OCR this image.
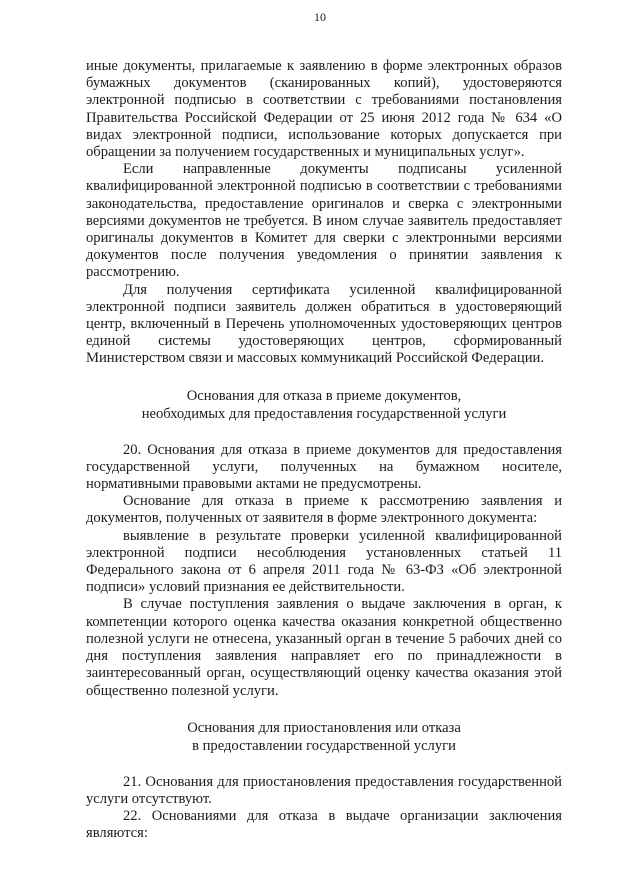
10

иные документы, прилагаемые к заявлению в форме электронных образов бумажных документов (сканированных копий), удостоверяются электронной подписью в соответствии с требованиями постановления Правительства Российской Федерации от 25 июня 2012 года № 634 «О видах электронной подписи, использование которых допускается при обращении за получением государственных и муниципальных услуг».

Если направленные документы подписаны усиленной квалифицированной электронной подписью в соответствии с требованиями законодательства, предоставление оригиналов и сверка с электронными версиями документов не требуется. В ином случае заявитель предоставляет оригиналы документов в Комитет для сверки с электронными версиями документов после получения уведомления о принятии заявления к рассмотрению.

Для получения сертификата усиленной квалифицированной электронной подписи заявитель должен обратиться в удостоверяющий центр, включенный в Перечень уполномоченных удостоверяющих центров единой системы удостоверяющих центров, сформированный Министерством связи и массовых коммуникаций Российской Федерации.

Основания для отказа в приеме документов,
необходимых для предоставления государственной услуги

20. Основания для отказа в приеме документов для предоставления государственной услуги, полученных на бумажном носителе, нормативными правовыми актами не предусмотрены.

Основание для отказа в приеме к рассмотрению заявления и документов, полученных от заявителя в форме электронного документа:

выявление в результате проверки усиленной квалифицированной электронной подписи несоблюдения установленных статьей 11 Федерального закона от 6 апреля 2011 года № 63-ФЗ «Об электронной подписи» условий признания ее действительности.

В случае поступления заявления о выдаче заключения в орган, к компетенции которого оценка качества оказания конкретной общественно полезной услуги не отнесена, указанный орган в течение 5 рабочих дней со дня поступления заявления направляет его по принадлежности в заинтересованный орган, осуществляющий оценку качества оказания этой общественно полезной услуги.

Основания для приостановления или отказа
в предоставлении государственной услуги

21. Основания для приостановления предоставления государственной услуги отсутствуют.

22. Основаниями для отказа в выдаче организации заключения являются:
